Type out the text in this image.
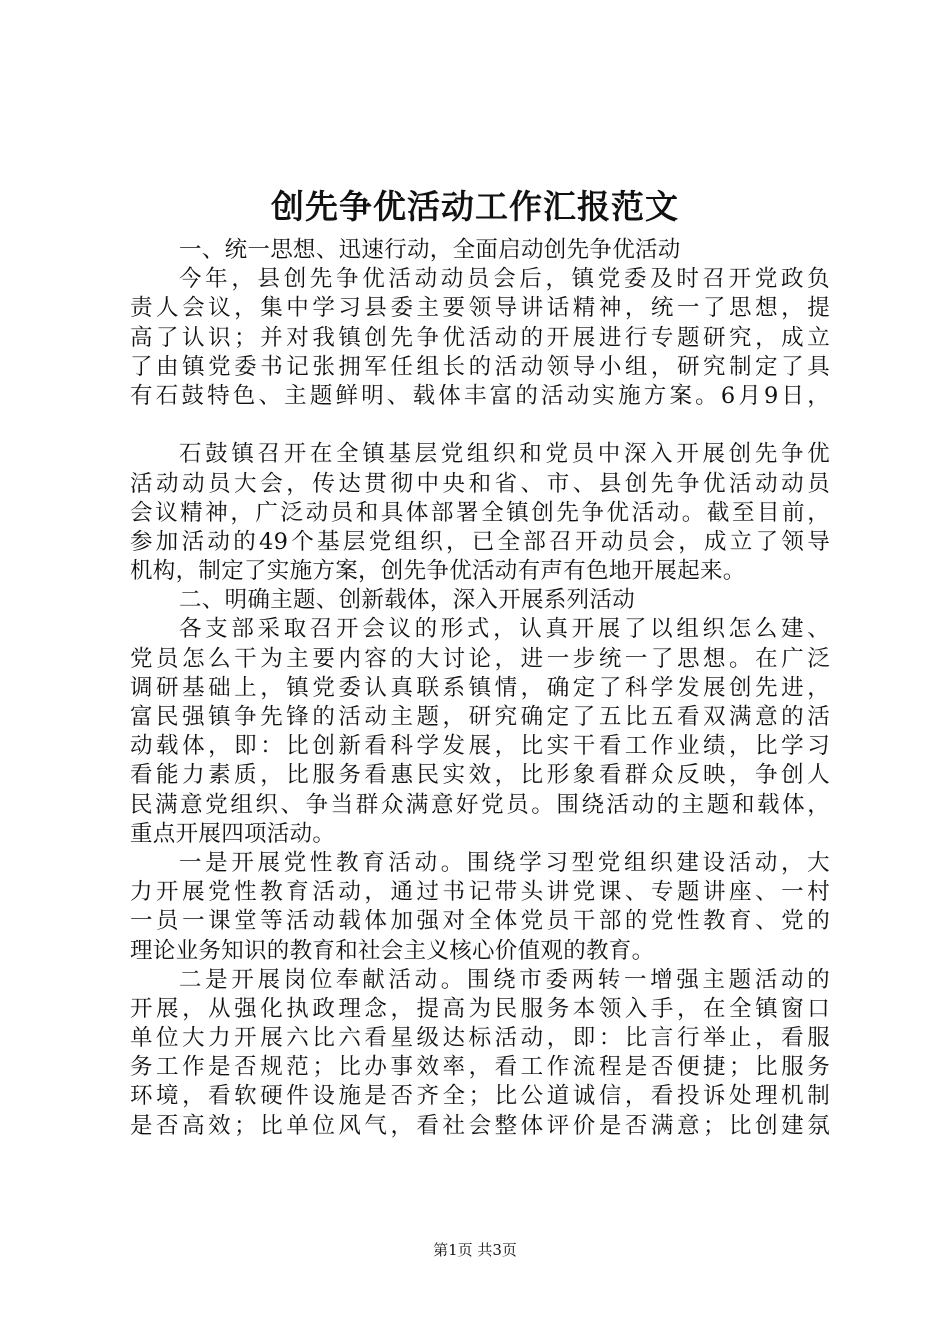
创先争优活动工作汇报范文
一、统一思想、迅速行动，全面启动创先争优活动
今年，县创先争优活动动员会后，镇党委及时召开党政负
责人会议，集中学习县委主要领导讲话精神，统一了思想，提
高了认识；并对我镇创先争优活动的开展进行专题研究，成立
了由镇党委书记张拥军任组长的活动领导小组，研究制定了具
有石鼓特色、主题鲜明、载体丰富的活动实施方案。6月9日，
石鼓镇召开在全镇基层党组织和党员中深入开展创先争优
活动动员大会，传达贯彻中央和省、市、县创先争优活动动员
会议精神，广泛动员和具体部署全镇创先争优活动。截至目前，
参加活动的49个基层党组织，已全部召开动员会，成立了领导
机构，制定了实施方案，创先争优活动有声有色地开展起来。
二、明确主题、创新载体，深入开展系列活动
各支部采取召开会议的形式，认真开展了以组织怎么建、
党员怎么干为主要内容的大讨论，进一步统一了思想。在广泛
调研基础上，镇党委认真联系镇情，确定了科学发展创先进，
富民强镇争先锋的活动主题，研究确定了五比五看双满意的活
动载体，即：比创新看科学发展，比实干看工作业绩，比学习
看能力素质，比服务看惠民实效，比形象看群众反映，争创人
民满意党组织、争当群众满意好党员。围绕活动的主题和载体，
重点开展四项活动。
一是开展党性教育活动。围绕学习型党组织建设活动，大
力开展党性教育活动，通过书记带头讲党课、专题讲座、一村
一员一课堂等活动载体加强对全体党员干部的党性教育、党的
理论业务知识的教育和社会主义核心价值观的教育。
二是开展岗位奉献活动。围绕市委两转一增强主题活动的
开展，从强化执政理念，提高为民服务本领入手，在全镇窗口
单位大力开展六比六看星级达标活动，即：比言行举止，看服
务工作是否规范；比办事效率，看工作流程是否便捷；比服务
环境，看软硬件设施是否齐全；比公道诚信，看投诉处理机制
是否高效；比单位风气，看社会整体评价是否满意；比创建氛
第1页 共3页
